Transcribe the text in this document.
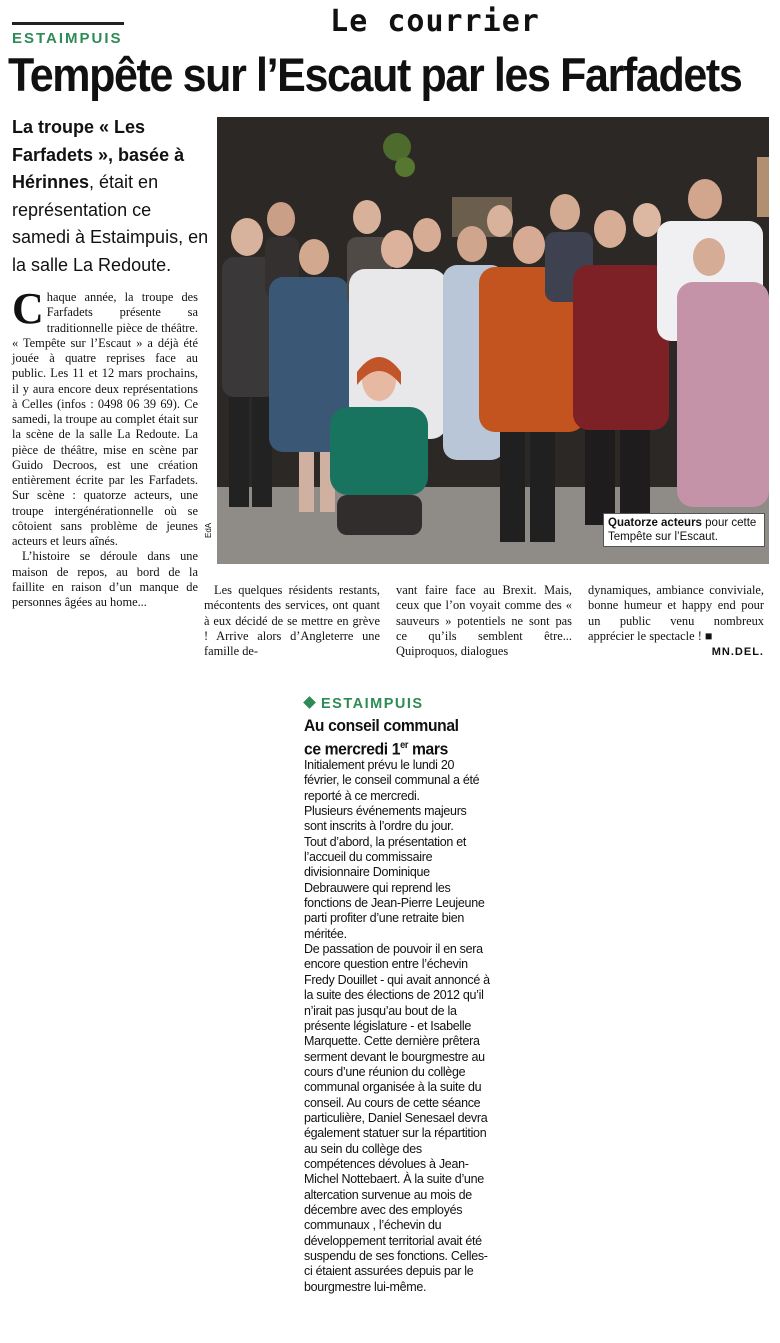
Le courrier
ESTAIMPUIS
Tempête sur l’Escaut par les Farfadets
La troupe « Les Farfadets », basée à Hérinnes, était en représentation ce samedi à Estaimpuis, en la salle La Redoute.
C haque année, la troupe des Farfadets présente sa traditionnelle pièce de théâtre. « Tempête sur l’Escaut » a déjà été jouée à quatre reprises face au public. Les 11 et 12 mars prochains, il y aura encore deux représentations à Celles (infos : 0498 06 39 69). Ce samedi, la troupe au complet était sur la scène de la salle La Redoute. La pièce de théâtre, mise en scène par Guido Decroos, est une création entièrement écrite par les Farfadets. Sur scène : quatorze acteurs, une troupe intergénérationnelle où se côtoient sans problème de jeunes acteurs et leurs aînés.

L’histoire se déroule dans une maison de repos, au bord de la faillite en raison d’un manque de personnes âgées au home...

EdA	Quatorze acteurs pour cette Tempête sur l’Escaut.

Les quelques résidents restants, mécontents des services, ont quant à eux décidé de se mettre en grève ! Arrive alors d’Angleterre une famille de-

vant faire face au Brexit. Mais, ceux que l’on voyait comme des « sauveurs » potentiels ne sont pas ce qu’ils semblent être... Quiproquos, dialogues

dynamiques, ambiance conviviale, bonne humeur et happy end pour un public venu nombreux apprécier le spectacle ! ■

MN.DEL.
ESTAIMPUIS
Au conseil communal
ce mercredi 1er mars

Initialement prévu le lundi 20 février, le conseil communal a été reporté à ce mercredi.

Plusieurs événements majeurs sont inscrits à l’ordre du jour.

Tout d’abord, la présentation et l’accueil du commissaire divisionnaire Dominique Debrauwere qui reprend les fonctions de Jean-Pierre Leujeune parti profiter d’une retraite bien méritée.

De passation de pouvoir il en sera encore question entre l’échevin Fredy Douillet - qui avait annoncé à la suite des élections de 2012 qu’il n’irait pas jusqu’au bout de la présente législature - et Isabelle Marquette. Cette dernière prêtera serment devant le bourgmestre au cours d’une réunion du collège communal organisée à la suite du conseil. Au cours de cette séance particulière, Daniel Senesael devra également statuer sur la répartition au sein du collège des compétences dévolues à Jean-Michel Nottebaert. À la suite d’une altercation survenue au mois de décembre avec des employés communaux , l’échevin du développement territorial avait été suspendu de ses fonctions. Celles-ci étaient assurées depuis par le bourgmestre lui-même.
